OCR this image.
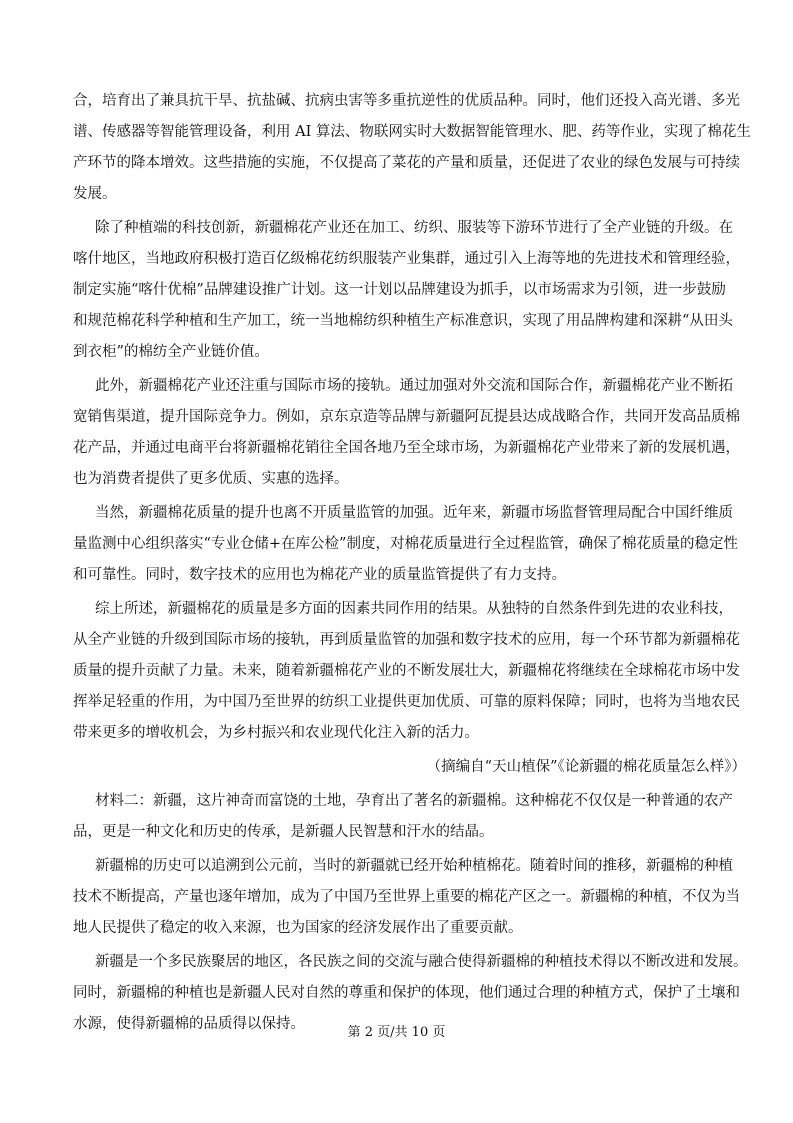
合，培育出了兼具抗干旱、抗盐碱、抗病虫害等多重抗逆性的优质品种。同时，他们还投入高光谱、多光

谱、传感器等智能管理设备，利用 AI 算法、物联网实时大数据智能管理水、肥、药等作业，实现了棉花生

产环节的降本增效。这些措施的实施，不仅提高了菜花的产量和质量，还促进了农业的绿色发展与可持续

发展。

除了种植端的科技创新，新疆棉花产业还在加工、纺织、服装等下游环节进行了全产业链的升级。在

喀什地区，当地政府积极打造百亿级棉花纺织服装产业集群，通过引入上海等地的先进技术和管理经验，

制定实施“喀什优棉”品牌建设推广计划。这一计划以品牌建设为抓手，以市场需求为引领，进一步鼓励

和规范棉花科学种植和生产加工，统一当地棉纺织种植生产标准意识，实现了用品牌构建和深耕“从田头

到衣柜”的棉纺全产业链价值。

此外，新疆棉花产业还注重与国际市场的接轨。通过加强对外交流和国际合作，新疆棉花产业不断拓

宽销售渠道，提升国际竞争力。例如，京东京造等品牌与新疆阿瓦提县达成战略合作，共同开发高品质棉

花产品，并通过电商平台将新疆棉花销往全国各地乃至全球市场，为新疆棉花产业带来了新的发展机遇，

也为消费者提供了更多优质、实惠的选择。

当然，新疆棉花质量的提升也离不开质量监管的加强。近年来，新疆市场监督管理局配合中国纤维质

量监测中心组织落实“专业仓储+在库公检”制度，对棉花质量进行全过程监管，确保了棉花质量的稳定性

和可靠性。同时，数字技术的应用也为棉花产业的质量监管提供了有力支持。

综上所述，新疆棉花的质量是多方面的因素共同作用的结果。从独特的自然条件到先进的农业科技，

从全产业链的升级到国际市场的接轨，再到质量监管的加强和数字技术的应用，每一个环节都为新疆棉花

质量的提升贡献了力量。未来，随着新疆棉花产业的不断发展壮大，新疆棉花将继续在全球棉花市场中发

挥举足轻重的作用，为中国乃至世界的纺织工业提供更加优质、可靠的原料保障；同时，也将为当地农民

带来更多的增收机会，为乡村振兴和农业现代化注入新的活力。

（摘编自“天山植保”《论新疆的棉花质量怎么样》）

材料二：新疆，这片神奇而富饶的土地，孕育出了著名的新疆棉。这种棉花不仅仅是一种普通的农产

品，更是一种文化和历史的传承，是新疆人民智慧和汗水的结晶。

新疆棉的历史可以追溯到公元前，当时的新疆就已经开始种植棉花。随着时间的推移，新疆棉的种植

技术不断提高，产量也逐年增加，成为了中国乃至世界上重要的棉花产区之一。新疆棉的种植，不仅为当

地人民提供了稳定的收入来源，也为国家的经济发展作出了重要贡献。

新疆是一个多民族聚居的地区，各民族之间的交流与融合使得新疆棉的种植技术得以不断改进和发展。

同时，新疆棉的种植也是新疆人民对自然的尊重和保护的体现，他们通过合理的种植方式，保护了土壤和

水源，使得新疆棉的品质得以保持。

第 2 页/共 10 页
